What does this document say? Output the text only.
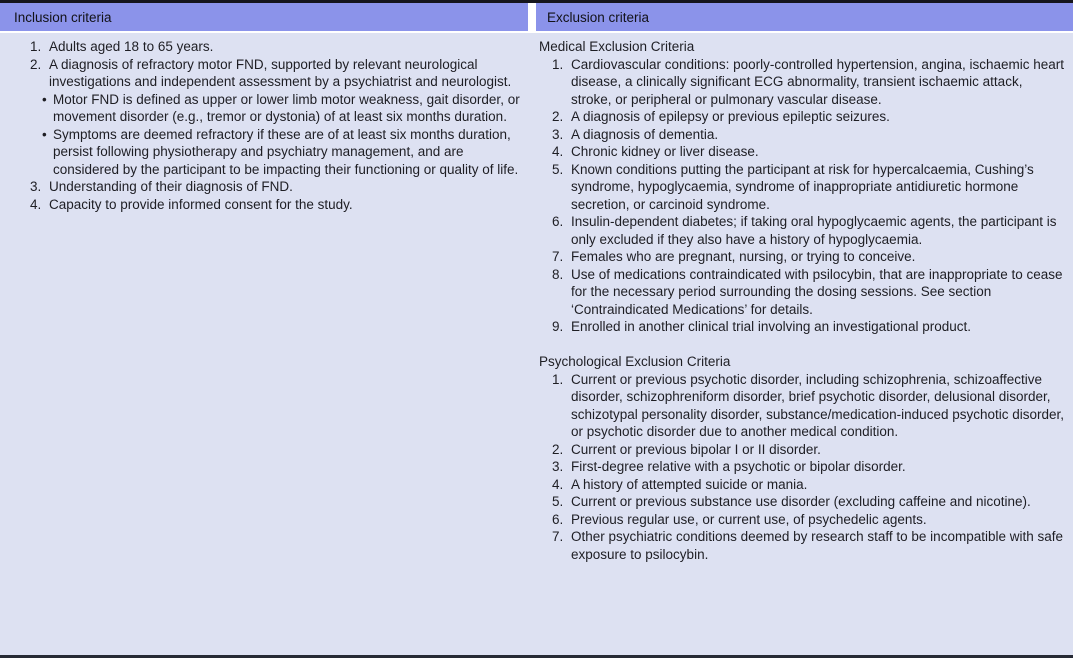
Inclusion criteria	Exclusion criteria
1. Adults aged 18 to 65 years.
2. A diagnosis of refractory motor FND, supported by relevant neurological investigations and independent assessment by a psychiatrist and neurologist.
• Motor FND is defined as upper or lower limb motor weakness, gait disorder, or movement disorder (e.g., tremor or dystonia) of at least six months duration.
• Symptoms are deemed refractory if these are of at least six months duration, persist following physiotherapy and psychiatry management, and are considered by the participant to be impacting their functioning or quality of life.
3. Understanding of their diagnosis of FND.
4. Capacity to provide informed consent for the study.
Medical Exclusion Criteria
1. Cardiovascular conditions: poorly-controlled hypertension, angina, ischaemic heart disease, a clinically significant ECG abnormality, transient ischaemic attack, stroke, or peripheral or pulmonary vascular disease.
2. A diagnosis of epilepsy or previous epileptic seizures.
3. A diagnosis of dementia.
4. Chronic kidney or liver disease.
5. Known conditions putting the participant at risk for hypercalcaemia, Cushing’s syndrome, hypoglycaemia, syndrome of inappropriate antidiuretic hormone secretion, or carcinoid syndrome.
6. Insulin-dependent diabetes; if taking oral hypoglycaemic agents, the participant is only excluded if they also have a history of hypoglycaemia.
7. Females who are pregnant, nursing, or trying to conceive.
8. Use of medications contraindicated with psilocybin, that are inappropriate to cease for the necessary period surrounding the dosing sessions. See section ‘Contraindicated Medications’ for details.
9. Enrolled in another clinical trial involving an investigational product.
Psychological Exclusion Criteria
1. Current or previous psychotic disorder, including schizophrenia, schizoaffective disorder, schizophreniform disorder, brief psychotic disorder, delusional disorder, schizotypal personality disorder, substance/medication-induced psychotic disorder, or psychotic disorder due to another medical condition.
2. Current or previous bipolar I or II disorder.
3. First-degree relative with a psychotic or bipolar disorder.
4. A history of attempted suicide or mania.
5. Current or previous substance use disorder (excluding caffeine and nicotine).
6. Previous regular use, or current use, of psychedelic agents.
7. Other psychiatric conditions deemed by research staff to be incompatible with safe exposure to psilocybin.
